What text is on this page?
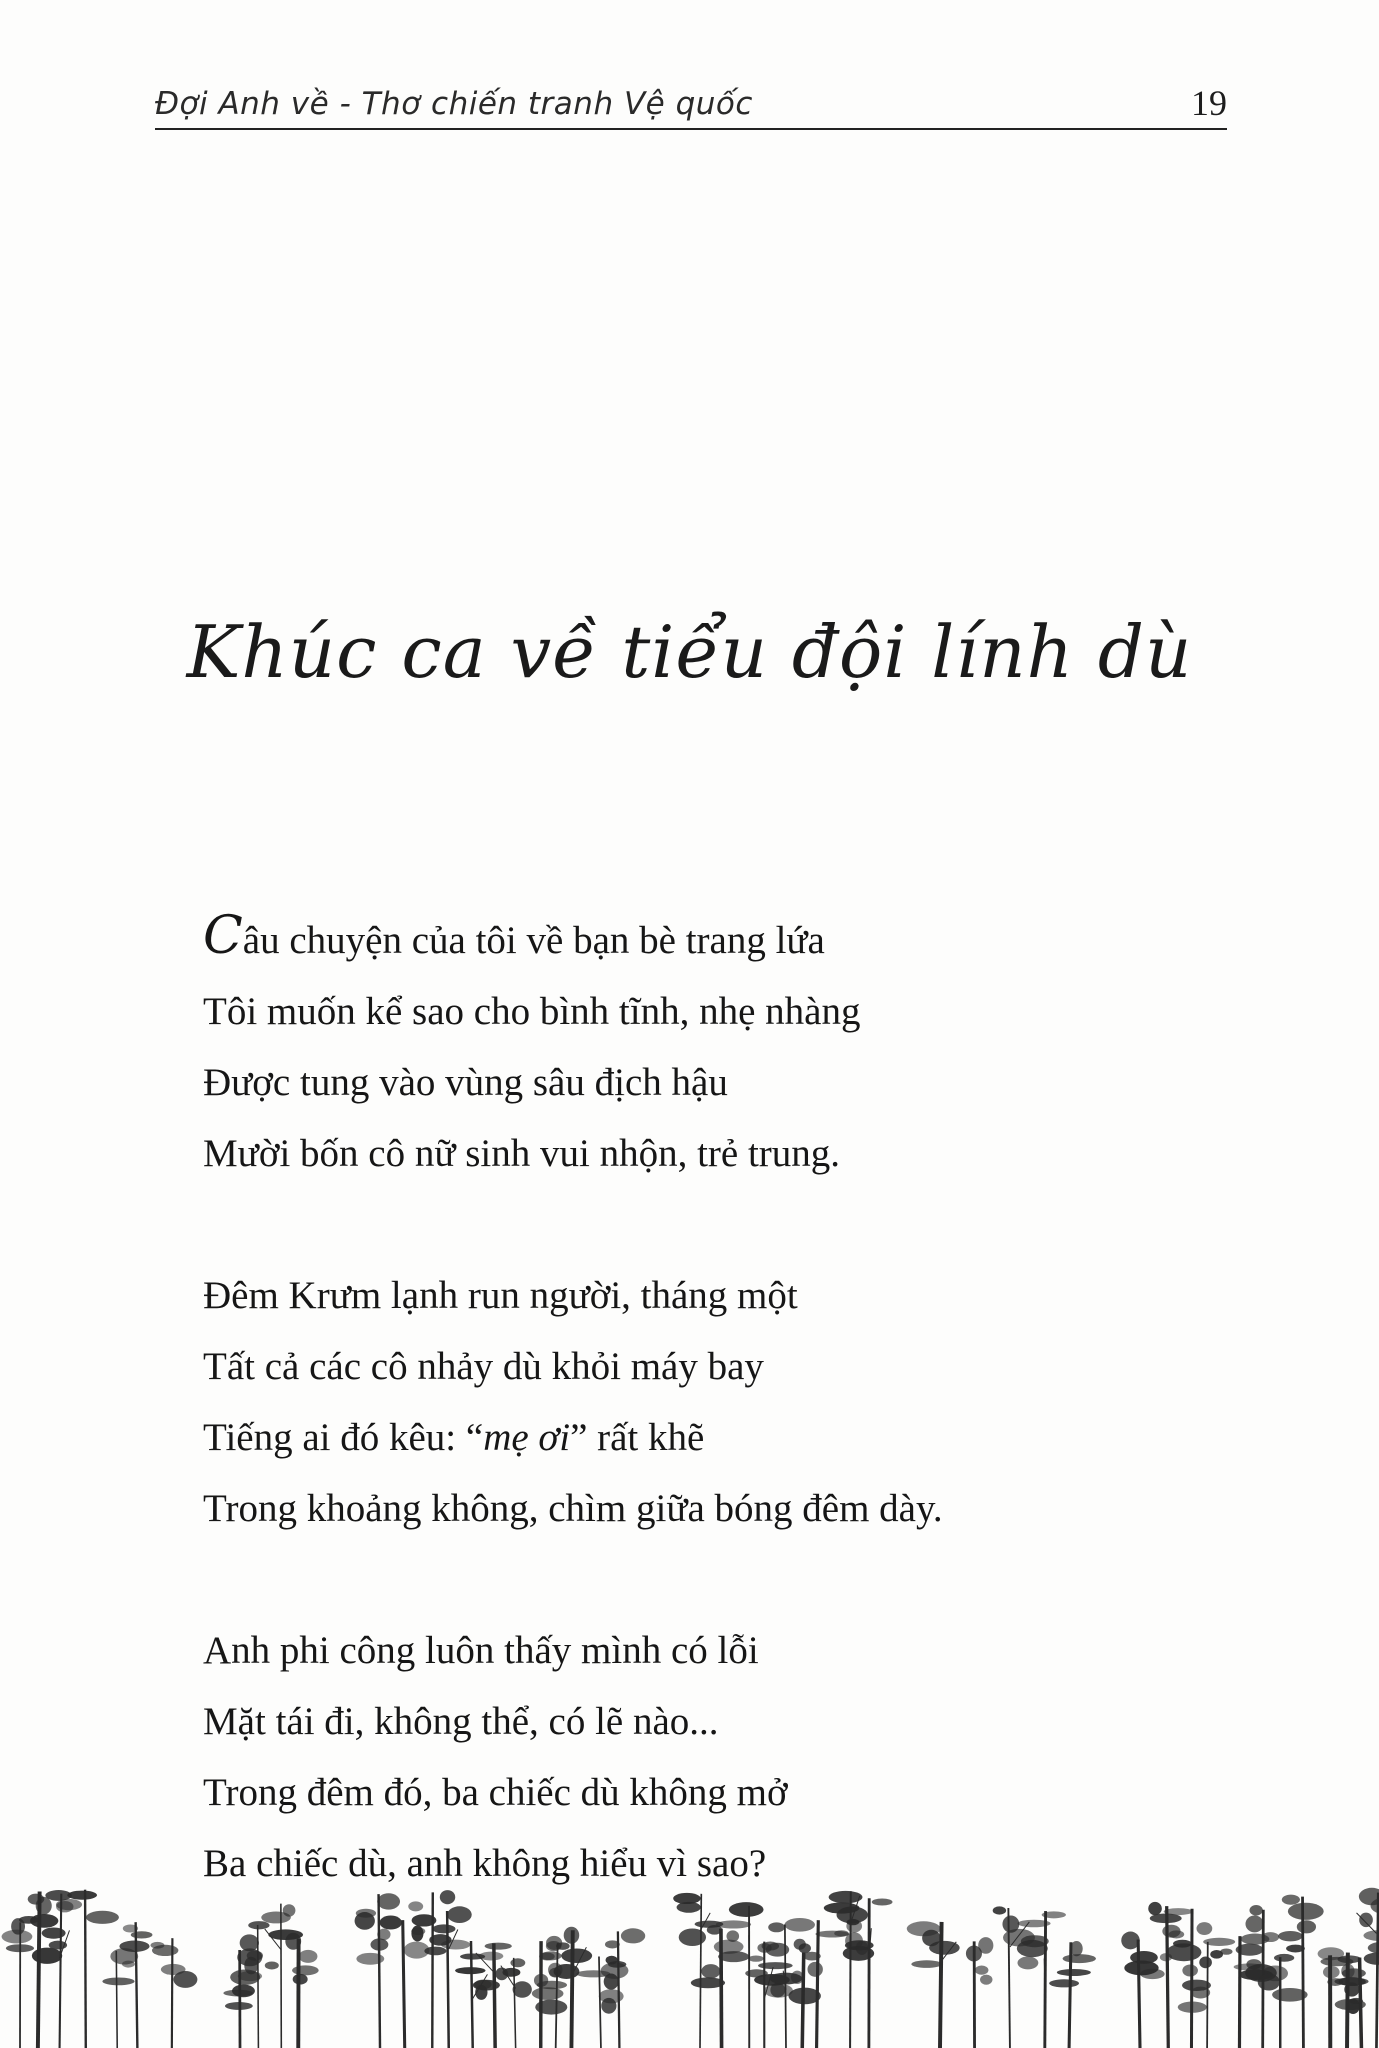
Đợi Anh về - Thơ chiến tranh Vệ quốc	19
Khúc ca về tiểu đội lính dù
Câu chuyện của tôi về bạn bè trang lứa
Tôi muốn kể sao cho bình tĩnh, nhẹ nhàng
Được tung vào vùng sâu địch hậu
Mười bốn cô nữ sinh vui nhộn, trẻ trung.
Đêm Krưm lạnh run người, tháng một
Tất cả các cô nhảy dù khỏi máy bay
Tiếng ai đó kêu: “mẹ ơi” rất khẽ
Trong khoảng không, chìm giữa bóng đêm dày.
Anh phi công luôn thấy mình có lỗi
Mặt tái đi, không thể, có lẽ nào...
Trong đêm đó, ba chiếc dù không mở
Ba chiếc dù, anh không hiểu vì sao?
